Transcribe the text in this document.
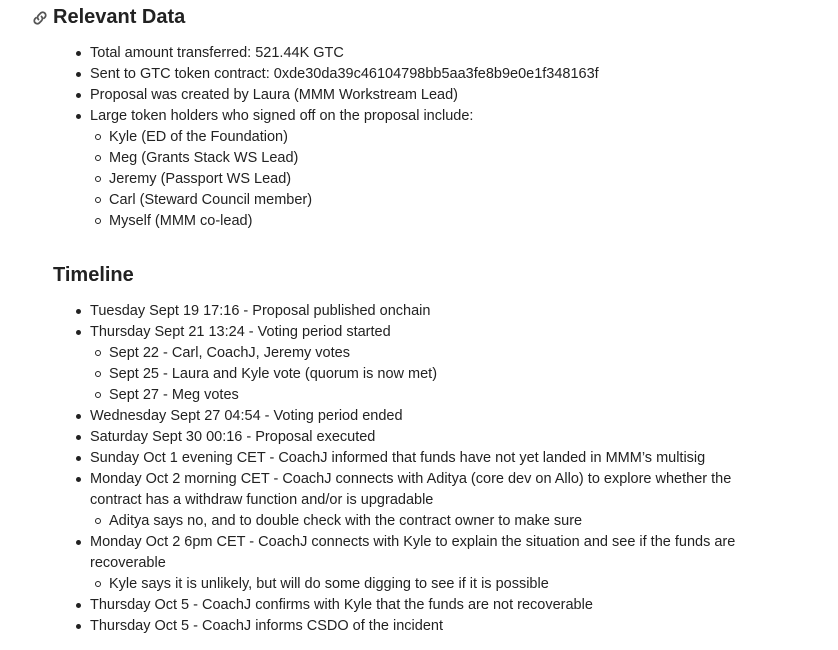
Relevant Data
Total amount transferred: 521.44K GTC
Sent to GTC token contract: 0xde30da39c46104798bb5aa3fe8b9e0e1f348163f
Proposal was created by Laura (MMM Workstream Lead)
Large token holders who signed off on the proposal include:
Kyle (ED of the Foundation)
Meg (Grants Stack WS Lead)
Jeremy (Passport WS Lead)
Carl (Steward Council member)
Myself (MMM co-lead)
Timeline
Tuesday Sept 19 17:16 - Proposal published onchain
Thursday Sept 21 13:24 - Voting period started
Sept 22 - Carl, CoachJ, Jeremy votes
Sept 25 - Laura and Kyle vote (quorum is now met)
Sept 27 - Meg votes
Wednesday Sept 27 04:54 - Voting period ended
Saturday Sept 30 00:16 - Proposal executed
Sunday Oct 1 evening CET - CoachJ informed that funds have not yet landed in MMM’s multisig
Monday Oct 2 morning CET - CoachJ connects with Aditya (core dev on Allo) to explore whether the contract has a withdraw function and/or is upgradable
Aditya says no, and to double check with the contract owner to make sure
Monday Oct 2 6pm CET - CoachJ connects with Kyle to explain the situation and see if the funds are recoverable
Kyle says it is unlikely, but will do some digging to see if it is possible
Thursday Oct 5 - CoachJ confirms with Kyle that the funds are not recoverable
Thursday Oct 5 - CoachJ informs CSDO of the incident
